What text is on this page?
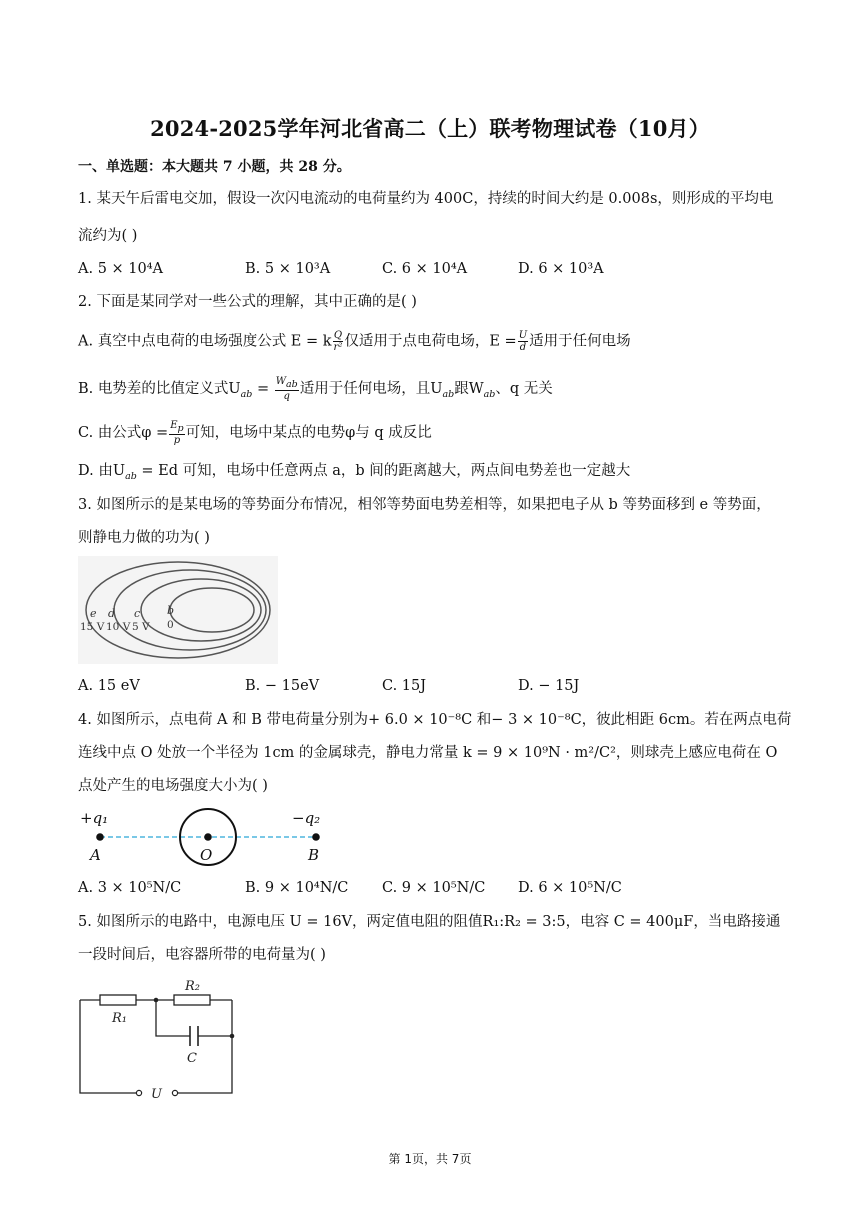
2024-2025学年河北省高二（上）联考物理试卷（10月）
一、单选题：本大题共 7 小题，共 28 分。
1. 某天午后雷电交加，假设一次闪电流动的电荷量约为 400C，持续的时间大约是 0.008s，则形成的平均电
流约为( )
A. 5 × 10⁴A	B. 5 × 10³A	C. 6 × 10⁴A	D. 6 × 10³A
2. 下面是某同学对一些公式的理解，其中正确的是( )
A. 真空中点电荷的电场强度公式 E = k $\frac{Q}{\text{r²}}$ 仅适用于点电荷电场，$E = \frac{U}{d}$ 适用于任何电场
B. 电势差的比值定义式$U_{ab} = \frac{W_{ab}}{q}$ 适用于任何电场，且$U_{ab}$跟$W_{ab}$、q 无关
C. 由公式$\varphi = \frac{E_p}{p}$ 可知，电场中某点的电势φ与 q 成反比
D. 由$U_{ab} = Ed$ 可知，电场中任意两点 a，b 间的距离越大，两点间电势差也一定越大
3. 如图所示的是某电场的等势面分布情况，相邻等势面电势差相等，如果把电子从 b 等势面移到 e 等势面，
则静电力做的功为( )
e d c b
15 V 10 V 5 V 0
A. 15 eV	B. − 15eV	C. 15J	D. − 15J
4. 如图所示，点电荷 A 和 B 带电荷量分别为+ 6.0 × 10⁻⁸C 和− 3 × 10⁻⁸C，彼此相距 6cm。若在两点电荷
连线中点 O 处放一个半径为 1cm 的金属球壳，静电力常量 k = 9 × 10⁹N · m²/C²，则球壳上感应电荷在 O
点处产生的电场强度大小为( )
+q₁	−q₂
A	O	B
A. 3 × 10⁵N/C	B. 9 × 10⁴N/C C. 9 × 10⁵N/C D. 6 × 10⁵N/C
5. 如图所示的电路中，电源电压 U = 16V，两定值电阻的阻值R₁:R₂ = 3:5，电容 C = 400μF，当电路接通
一段时间后，电容器所带的电荷量为( )
R₂
R₁
C
U
第 1页，共 7页
